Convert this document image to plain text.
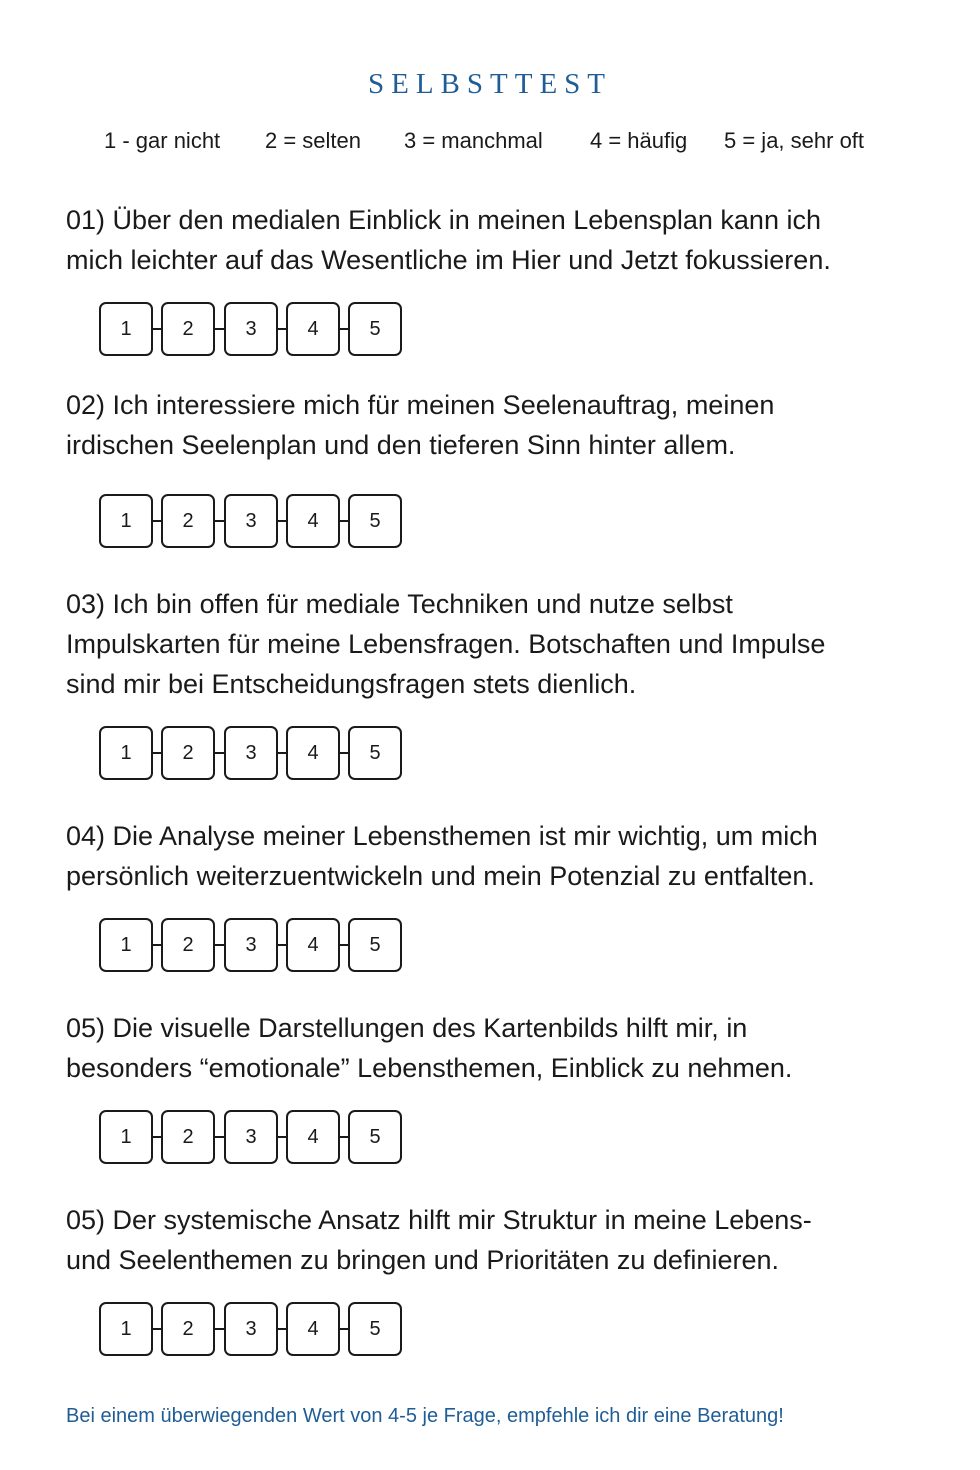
SELBSTTEST
1 - gar nicht 2 = selten 3 = manchmal 4 = häufig 5 = ja, sehr oft
01) Über den medialen Einblick in meinen Lebensplan kann ich
mich leichter auf das Wesentliche im Hier und Jetzt fokussieren.
1	2	3	4	5
02) Ich interessiere mich für meinen Seelenauftrag, meinen
irdischen Seelenplan und den tieferen Sinn hinter allem.
1	2	3	4	5
03) Ich bin offen für mediale Techniken und nutze selbst
Impulskarten für meine Lebensfragen. Botschaften und Impulse
sind mir bei Entscheidungsfragen stets dienlich.
1	2	3	4	5
04) Die Analyse meiner Lebensthemen ist mir wichtig, um mich
persönlich weiterzuentwickeln und mein Potenzial zu entfalten.
1	2	3	4	5
05) Die visuelle Darstellungen des Kartenbilds hilft mir, in
besonders “emotionale” Lebensthemen, Einblick zu nehmen.
1	2	3	4	5
05) Der systemische Ansatz hilft mir Struktur in meine Lebens-
und Seelenthemen zu bringen und Prioritäten zu definieren.
1	2	3	4	5
Bei einem überwiegenden Wert von 4-5 je Frage, empfehle ich dir eine Beratung!
